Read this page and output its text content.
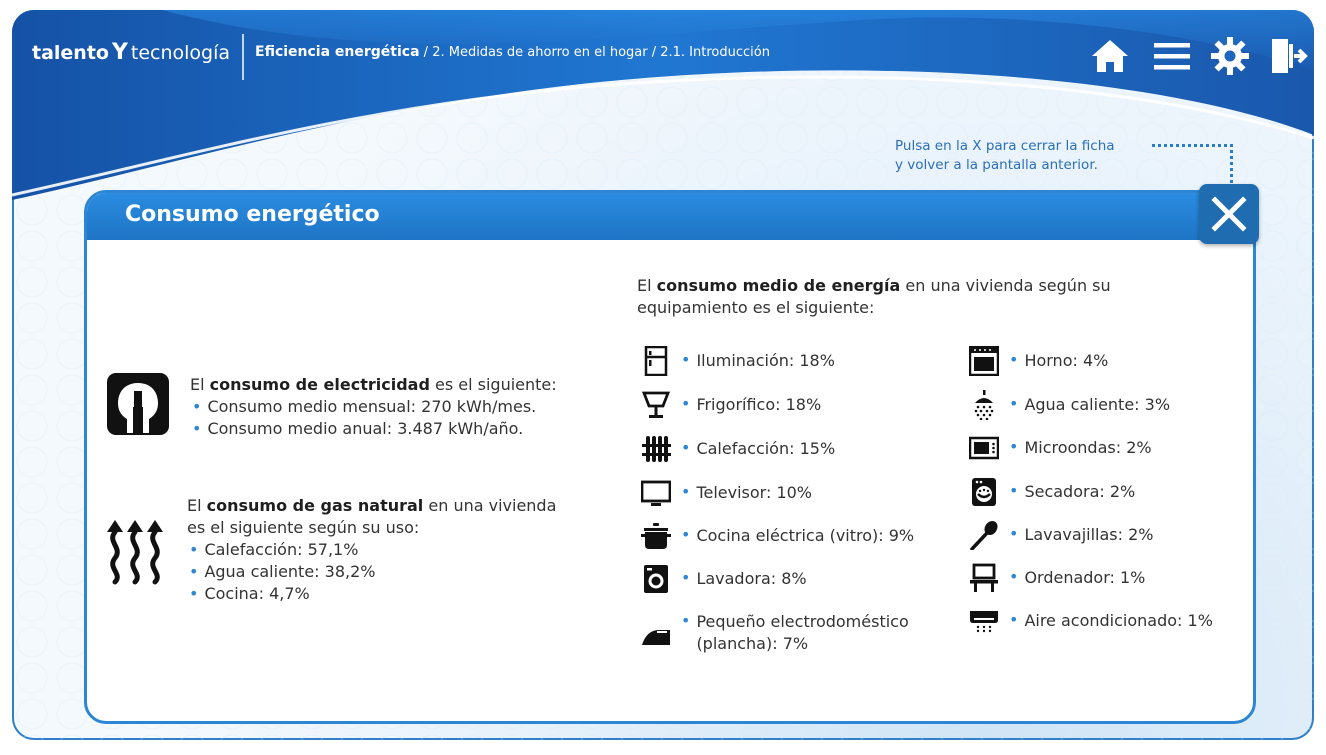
talento Y tecnología Eficiencia energética / 2. Medidas de ahorro en el hogar / 2.1. Introducción
Pulsa en la X para cerrar la ficha
y volver a la pantalla anterior.
Consumo energético
El consumo de electricidad es el siguiente:
• Consumo medio mensual: 270 kWh/mes.
• Consumo medio anual: 3.487 kWh/año.
El consumo de gas natural en una vivienda
es el siguiente según su uso:
• Calefacción: 57,1%
• Agua caliente: 38,2%
• Cocina: 4,7%
El consumo medio de energía en una vivienda según su
equipamiento es el siguiente:
• Iluminación: 18%
• Frigorífico: 18%
• Calefacción: 15%
• Televisor: 10%
• Cocina eléctrica (vitro): 9%
• Lavadora: 8%
• Pequeño electrodoméstico
(plancha): 7%
• Horno: 4%
• Agua caliente: 3%
• Microondas: 2%
• Secadora: 2%
• Lavavajillas: 2%
• Ordenador: 1%
• Aire acondicionado: 1%
